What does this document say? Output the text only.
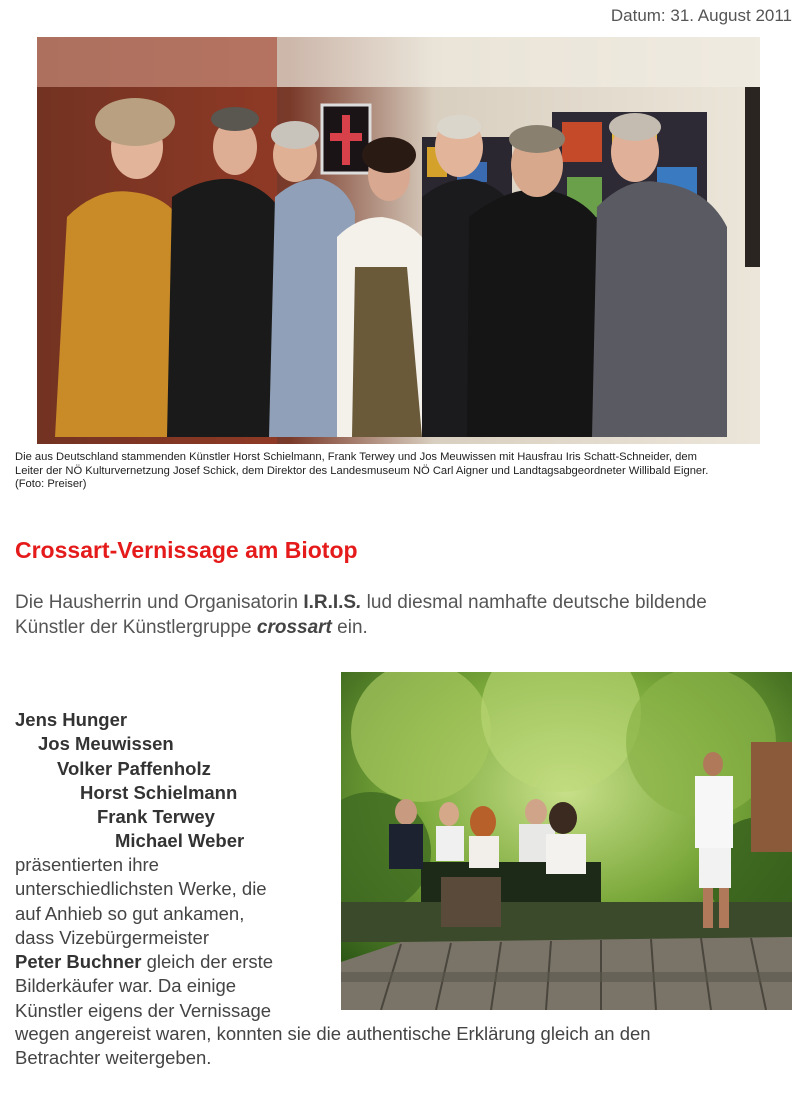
Datum: 31. August 2011
Die aus Deutschland stammenden Künstler Horst Schielmann, Frank Terwey und Jos Meuwissen mit Hausfrau Iris Schatt-Schneider, dem
Leiter der NÖ Kulturvernetzung Josef Schick, dem Direktor des Landesmuseum NÖ Carl Aigner und Landtagsabgeordneter Willibald Eigner.
(Foto: Preiser)
Crossart-Vernissage am Biotop
Die Hausherrin und Organisatorin I.R.I.S. lud diesmal namhafte deutsche bildende
Künstler der Künstlergruppe crossart ein.
Jens Hunger
Jos Meuwissen
Volker Paffenholz
Horst Schielmann
Frank Terwey
Michael Weber
präsentierten ihre
unterschiedlichsten Werke, die
auf Anhieb so gut ankamen,
dass Vizebürgermeister
Peter Buchner gleich der erste
Bilderkäufer war. Da einige
Künstler eigens der Vernissage
wegen angereist waren, konnten sie die authentische Erklärung gleich an den
Betrachter weitergeben.
